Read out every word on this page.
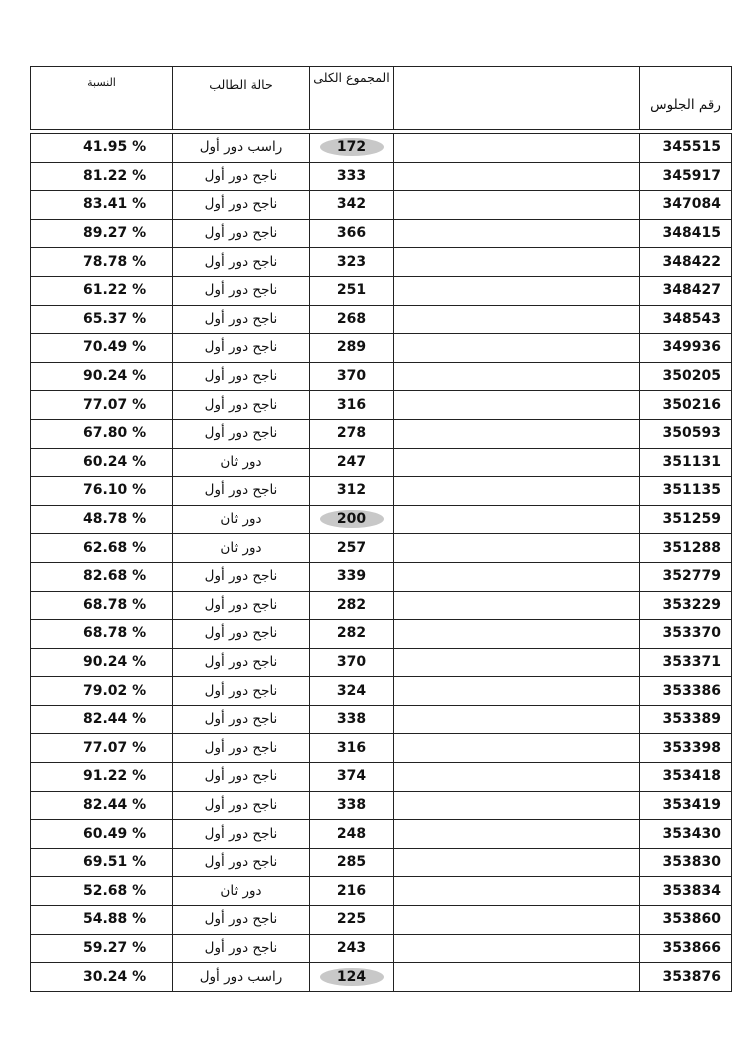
النسبة	حالة الطالب	المجموع الكلى		رقم الجلوس

41.95 %	راسب دور أول	172		345515
81.22 %	ناجح دور أول	333		345917
83.41 %	ناجح دور أول	342		347084
89.27 %	ناجح دور أول	366		348415
78.78 %	ناجح دور أول	323		348422
61.22 %	ناجح دور أول	251		348427
65.37 %	ناجح دور أول	268		348543
70.49 %	ناجح دور أول	289		349936
90.24 %	ناجح دور أول	370		350205
77.07 %	ناجح دور أول	316		350216
67.80 %	ناجح دور أول	278		350593
60.24 %	دور ثان	247		351131
76.10 %	ناجح دور أول	312		351135
48.78 %	دور ثان	200		351259
62.68 %	دور ثان	257		351288
82.68 %	ناجح دور أول	339		352779
68.78 %	ناجح دور أول	282		353229
68.78 %	ناجح دور أول	282		353370
90.24 %	ناجح دور أول	370		353371
79.02 %	ناجح دور أول	324		353386
82.44 %	ناجح دور أول	338		353389
77.07 %	ناجح دور أول	316		353398
91.22 %	ناجح دور أول	374		353418
82.44 %	ناجح دور أول	338		353419
60.49 %	ناجح دور أول	248		353430
69.51 %	ناجح دور أول	285		353830
52.68 %	دور ثان	216		353834
54.88 %	ناجح دور أول	225		353860
59.27 %	ناجح دور أول	243		353866
30.24 %	راسب دور أول	124		353876
